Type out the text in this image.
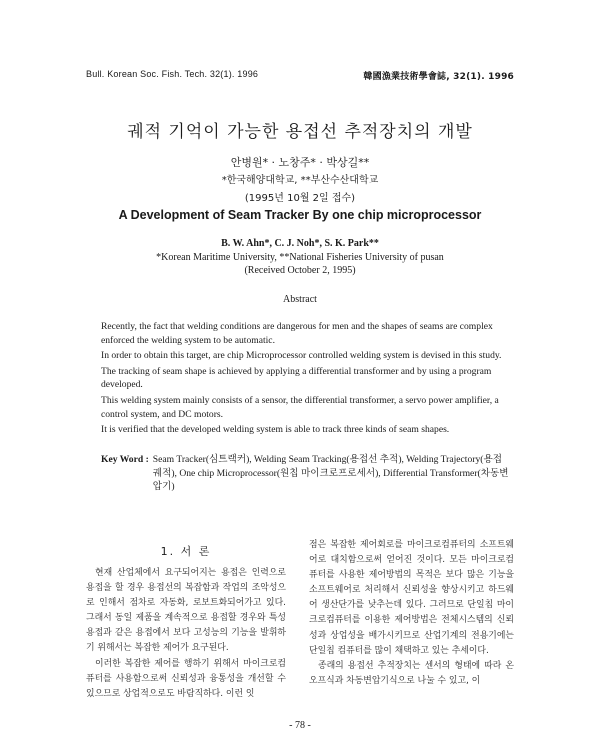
Bull. Korean Soc. Fish. Tech. 32(1). 1996	韓國漁業技術學會誌, 32(1). 1996
궤적 기억이 가능한 용접선 추적장치의 개발
안병원* · 노창주* · 박상길**
*한국해양대학교, **부산수산대학교
(1995년 10월 2일 접수)
A Development of Seam Tracker By one chip microprocessor
B. W. Ahn*, C. J. Noh*, S. K. Park**
*Korean Maritime University, **National Fisheries University of pusan
(Received October 2, 1995)
Abstract

Recently, the fact that welding conditions are dangerous for men and the shapes of seams are complex enforced the welding system to be automatic.

In order to obtain this target, are chip Microprocessor controlled welding system is devised in this study.

The tracking of seam shape is achieved by applying a differential transformer and by using a program developed.

This welding system mainly consists of a sensor, the differential transformer, a servo power amplifier, a control system, and DC motors.

It is verified that the developed welding system is able to track three kinds of seam shapes.

Key Word : Seam Tracker(심트랙커), Welding Seam Tracking(용접선 추적), Welding Trajectory(용접 궤적), One chip Microprocessor(원칩 마이크로프로세서), Differential Transformer(차동변압기)
1. 서 론

현재 산업체에서 요구되어지는 용접은 인력으로 용접을 할 경우 용접선의 복잡함과 작업의 조악성으로 인해서 점차로 자동화, 로보트화되어가고 있다. 그래서 동일 제품을 계속적으로 용접할 경우와 특성용접과 같은 용접에서 보다 고성능의 기능을 발휘하기 위해서는 복잡한 제어가 요구된다.

이러한 복잡한 제어를 행하기 위해서 마이크로컴퓨터를 사용함으로써 신뢰성과 융통성을 개선할 수 있으므로 상업적으로도 바람직하다. 이런 잇

점은 복잡한 제어회로를 마이크로컴퓨터의 소프트웨어로 대치함으로써 얻어진 것이다. 모든 마이크로컴퓨터를 사용한 제어방법의 목적은 보다 많은 기능을 소프트웨어로 처리해서 신뢰성을 향상시키고 하드웨어 생산단가를 낮추는데 있다. 그러므로 단일칩 마이크로컴퓨터를 이용한 제어방법은 전체시스템의 신뢰성과 상업성을 배가시키므로 산업기계의 전용기에는 단일칩 컴퓨터를 많이 채택하고 있는 추세이다.

종래의 용접선 추적장치는 센서의 형태에 따라 온 오프식과 차동변압기식으로 나눌 수 있고, 이

- 78 -
